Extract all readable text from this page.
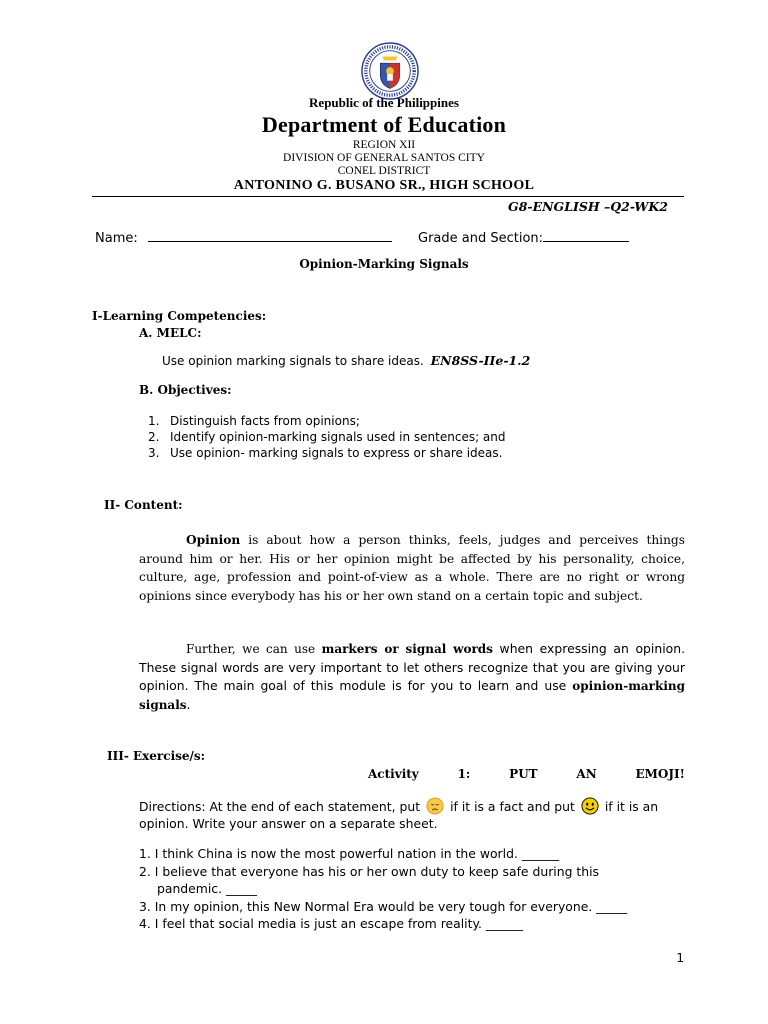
Republic of the Philippines
Department of Education
REGION XII
DIVISION OF GENERAL SANTOS CITY
CONEL DISTRICT
ANTONINO G. BUSANO SR., HIGH SCHOOL
G8-ENGLISH –Q2-WK2
Name:	Grade and Section:
Opinion-Marking Signals
I-Learning Competencies:
A. MELC:
Use opinion marking signals to share ideas. EN8SS-IIe-1.2
B. Objectives:
1. Distinguish facts from opinions;
2. Identify opinion-marking signals used in sentences; and
3. Use opinion- marking signals to express or share ideas.
II- Content:
Opinion is about how a person thinks, feels, judges and perceives things around him or her. His or her opinion might be affected by his personality, choice, culture, age, profession and point-of-view as a whole. There are no right or wrong opinions since everybody has his or her own stand on a certain topic and subject.
Further, we can use markers or signal words when expressing an opinion. These signal words are very important to let others recognize that you are giving your opinion. The main goal of this module is for you to learn and use opinion-marking signals.
III- Exercise/s:
Activity	1:	PUT	AN	EMOJI!
Directions: At the end of each statement, put if it is a fact and put if it is an opinion. Write your answer on a separate sheet.
1. I think China is now the most powerful nation in the world. ______
2. I believe that everyone has his or her own duty to keep safe during this
pandemic. _____
3. In my opinion, this New Normal Era would be very tough for everyone. _____
4. I feel that social media is just an escape from reality. ______
1
